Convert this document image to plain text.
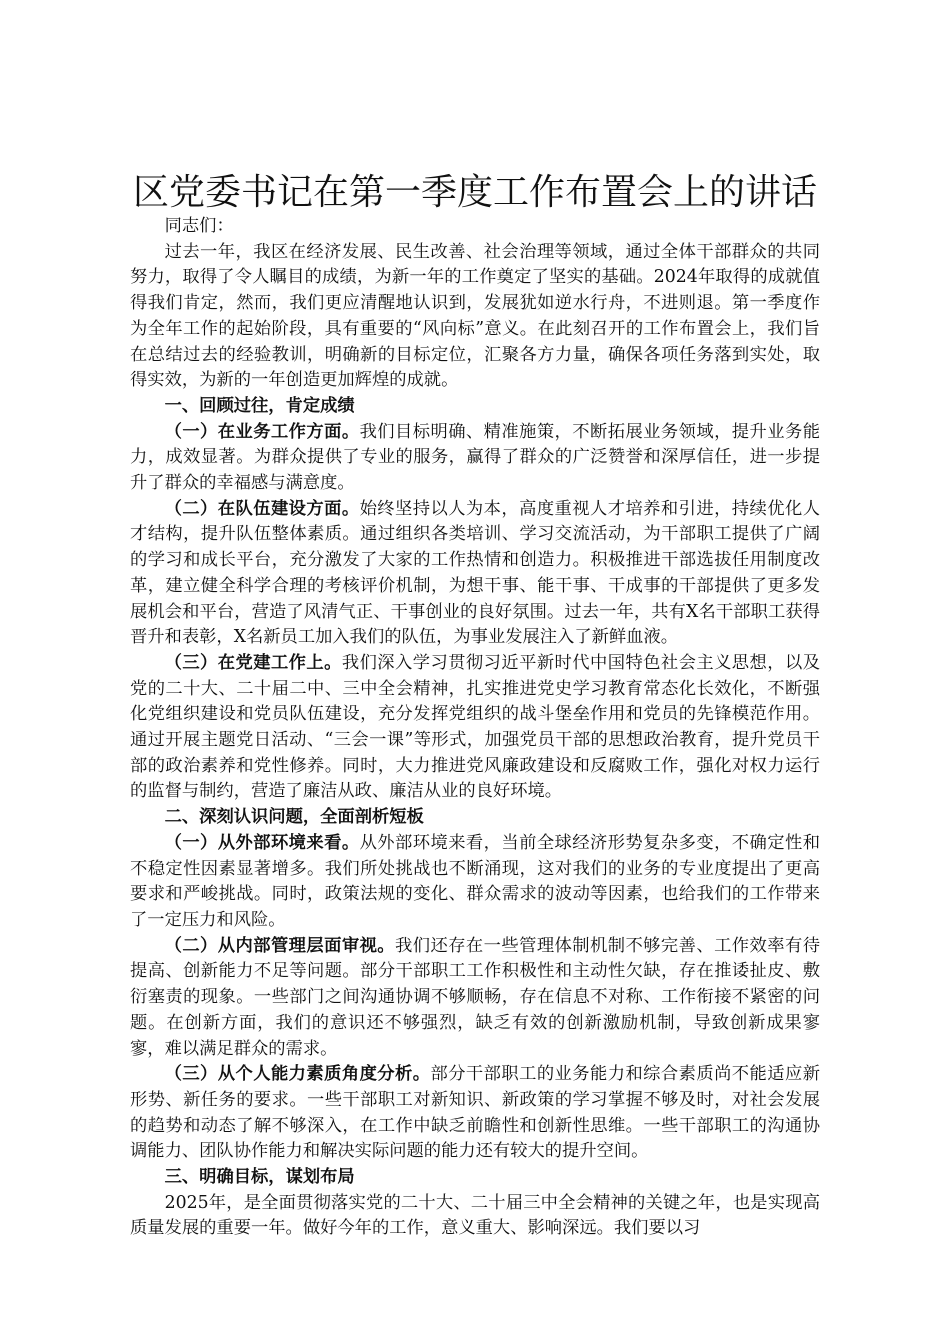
区党委书记在第一季度工作布置会上的讲话

同志们：

过去一年，我区在经济发展、民生改善、社会治理等领域，通过全体干部群众的共同努力，取得了令人瞩目的成绩，为新一年的工作奠定了坚实的基础。2024年取得的成就值得我们肯定，然而，我们更应清醒地认识到，发展犹如逆水行舟，不进则退。第一季度作为全年工作的起始阶段，具有重要的“风向标”意义。在此刻召开的工作布置会上，我们旨在总结过去的经验教训，明确新的目标定位，汇聚各方力量，确保各项任务落到实处，取得实效，为新的一年创造更加辉煌的成就。

一、回顾过往，肯定成绩

（一）在业务工作方面。我们目标明确、精准施策，不断拓展业务领域，提升业务能力，成效显著。为群众提供了专业的服务，赢得了群众的广泛赞誉和深厚信任，进一步提升了群众的幸福感与满意度。

（二）在队伍建设方面。始终坚持以人为本，高度重视人才培养和引进，持续优化人才结构，提升队伍整体素质。通过组织各类培训、学习交流活动，为干部职工提供了广阔的学习和成长平台，充分激发了大家的工作热情和创造力。积极推进干部选拔任用制度改革，建立健全科学合理的考核评价机制，为想干事、能干事、干成事的干部提供了更多发展机会和平台，营造了风清气正、干事创业的良好氛围。过去一年，共有X名干部职工获得晋升和表彰，X名新员工加入我们的队伍，为事业发展注入了新鲜血液。

（三）在党建工作上。我们深入学习贯彻习近平新时代中国特色社会主义思想，以及党的二十大、二十届二中、三中全会精神，扎实推进党史学习教育常态化长效化，不断强化党组织建设和党员队伍建设，充分发挥党组织的战斗堡垒作用和党员的先锋模范作用。通过开展主题党日活动、“三会一课”等形式，加强党员干部的思想政治教育，提升党员干部的政治素养和党性修养。同时，大力推进党风廉政建设和反腐败工作，强化对权力运行的监督与制约，营造了廉洁从政、廉洁从业的良好环境。

二、深刻认识问题，全面剖析短板

（一）从外部环境来看。从外部环境来看，当前全球经济形势复杂多变，不确定性和不稳定性因素显著增多。我们所处挑战也不断涌现，这对我们的业务的专业度提出了更高要求和严峻挑战。同时，政策法规的变化、群众需求的波动等因素，也给我们的工作带来了一定压力和风险。

（二）从内部管理层面审视。我们还存在一些管理体制机制不够完善、工作效率有待提高、创新能力不足等问题。部分干部职工工作积极性和主动性欠缺，存在推诿扯皮、敷衍塞责的现象。一些部门之间沟通协调不够顺畅，存在信息不对称、工作衔接不紧密的问题。在创新方面，我们的意识还不够强烈，缺乏有效的创新激励机制，导致创新成果寥寥，难以满足群众的需求。

（三）从个人能力素质角度分析。部分干部职工的业务能力和综合素质尚不能适应新形势、新任务的要求。一些干部职工对新知识、新政策的学习掌握不够及时，对社会发展的趋势和动态了解不够深入，在工作中缺乏前瞻性和创新性思维。一些干部职工的沟通协调能力、团队协作能力和解决实际问题的能力还有较大的提升空间。

三、明确目标，谋划布局

2025年，是全面贯彻落实党的二十大、二十届三中全会精神的关键之年，也是实现高质量发展的重要一年。做好今年的工作，意义重大、影响深远。我们要以习
